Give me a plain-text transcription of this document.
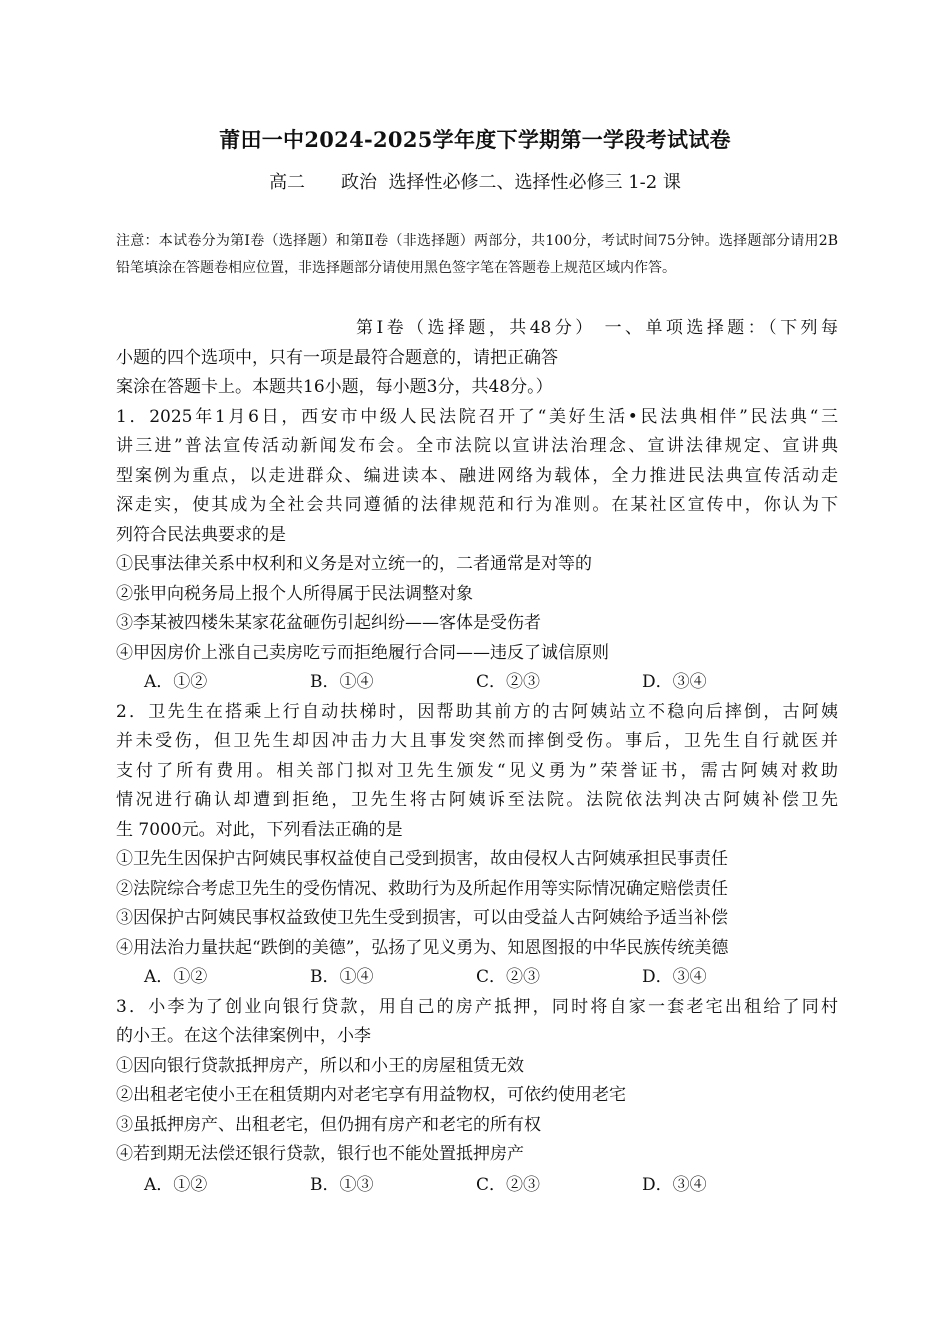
莆田一中2024-2025学年度下学期第一学段考试试卷
高二　　政治  选择性必修二、选择性必修三 1-2 课
注意：本试卷分为第Ⅰ卷（选择题）和第Ⅱ卷（非选择题）两部分，共100分，考试时间75分钟。选择题部分请用2B铅笔填涂在答题卷相应位置，非选择题部分请使用黑色签字笔在答题卷上规范区域内作答。
第Ⅰ卷（选择题，共48分） 一、单项选择题：（下列每
小题的四个选项中，只有一项是最符合题意的，请把正确答
案涂在答题卡上。本题共16小题，每小题3分，共48分。）
1．2025年1月6日，西安市中级人民法院召开了“美好生活•民法典相伴”民法典“三
讲三进”普法宣传活动新闻发布会。全市法院以宣讲法治理念、宣讲法律规定、宣讲典
型案例为重点，以走进群众、编进读本、融进网络为载体，全力推进民法典宣传活动走
深走实，使其成为全社会共同遵循的法律规范和行为准则。在某社区宣传中，你认为下
列符合民法典要求的是
①民事法律关系中权利和义务是对立统一的，二者通常是对等的
②张甲向税务局上报个人所得属于民法调整对象
③李某被四楼朱某家花盆砸伤引起纠纷——客体是受伤者
④甲因房价上涨自己卖房吃亏而拒绝履行合同——违反了诚信原则
A．①②	B．①④	C．②③	D．③④
2．卫先生在搭乘上行自动扶梯时，因帮助其前方的古阿姨站立不稳向后摔倒，古阿姨
并未受伤，但卫先生却因冲击力大且事发突然而摔倒受伤。事后，卫先生自行就医并
支付了所有费用。相关部门拟对卫先生颁发“见义勇为”荣誉证书，需古阿姨对救助
情况进行确认却遭到拒绝，卫先生将古阿姨诉至法院。法院依法判决古阿姨补偿卫先
生 7000元。对此，下列看法正确的是
①卫先生因保护古阿姨民事权益使自己受到损害，故由侵权人古阿姨承担民事责任
②法院综合考虑卫先生的受伤情况、救助行为及所起作用等实际情况确定赔偿责任
③因保护古阿姨民事权益致使卫先生受到损害，可以由受益人古阿姨给予适当补偿
④用法治力量扶起“跌倒的美德”，弘扬了见义勇为、知恩图报的中华民族传统美德
A．①②	B．①④	C．②③	D．③④
3．小李为了创业向银行贷款，用自己的房产抵押，同时将自家一套老宅出租给了同村
的小王。在这个法律案例中，小李
①因向银行贷款抵押房产，所以和小王的房屋租赁无效
②出租老宅使小王在租赁期内对老宅享有用益物权，可依约使用老宅
③虽抵押房产、出租老宅，但仍拥有房产和老宅的所有权
④若到期无法偿还银行贷款，银行也不能处置抵押房产
A．①②	B．①③	C．②③	D．③④
